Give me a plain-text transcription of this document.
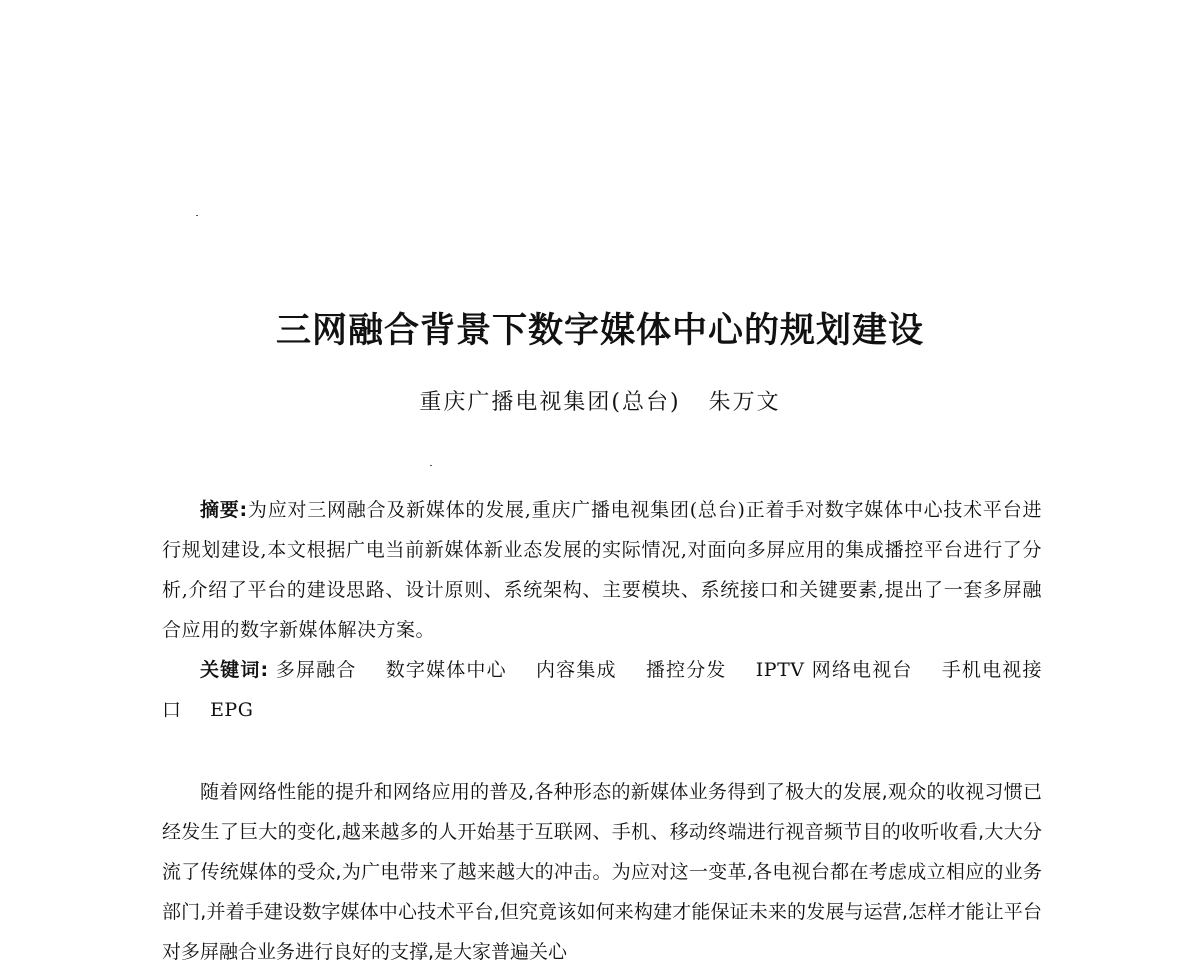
三网融合背景下数字媒体中心的规划建设
重庆广播电视集团(总台) 朱万文
摘要:为应对三网融合及新媒体的发展,重庆广播电视集团(总台)正着手对数字媒体中心技术平台进行规划建设,本文根据广电当前新媒体新业态发展的实际情况,对面向多屏应用的集成播控平台进行了分析,介绍了平台的建设思路、设计原则、系统架构、主要模块、系统接口和关键要素,提出了一套多屏融合应用的数字新媒体解决方案。
关键词: 多屏融合 数字媒体中心 内容集成 播控分发 IPTV 网络电视台 手机电视接口 EPG
随着网络性能的提升和网络应用的普及,各种形态的新媒体业务得到了极大的发展,观众的收视习惯已经发生了巨大的变化,越来越多的人开始基于互联网、手机、移动终端进行视音频节目的收听收看,大大分流了传统媒体的受众,为广电带来了越来越大的冲击。为应对这一变革,各电视台都在考虑成立相应的业务部门,并着手建设数字媒体中心技术平台,但究竟该如何来构建才能保证未来的发展与运营,怎样才能让平台对多屏融合业务进行良好的支撑,是大家普遍关心
